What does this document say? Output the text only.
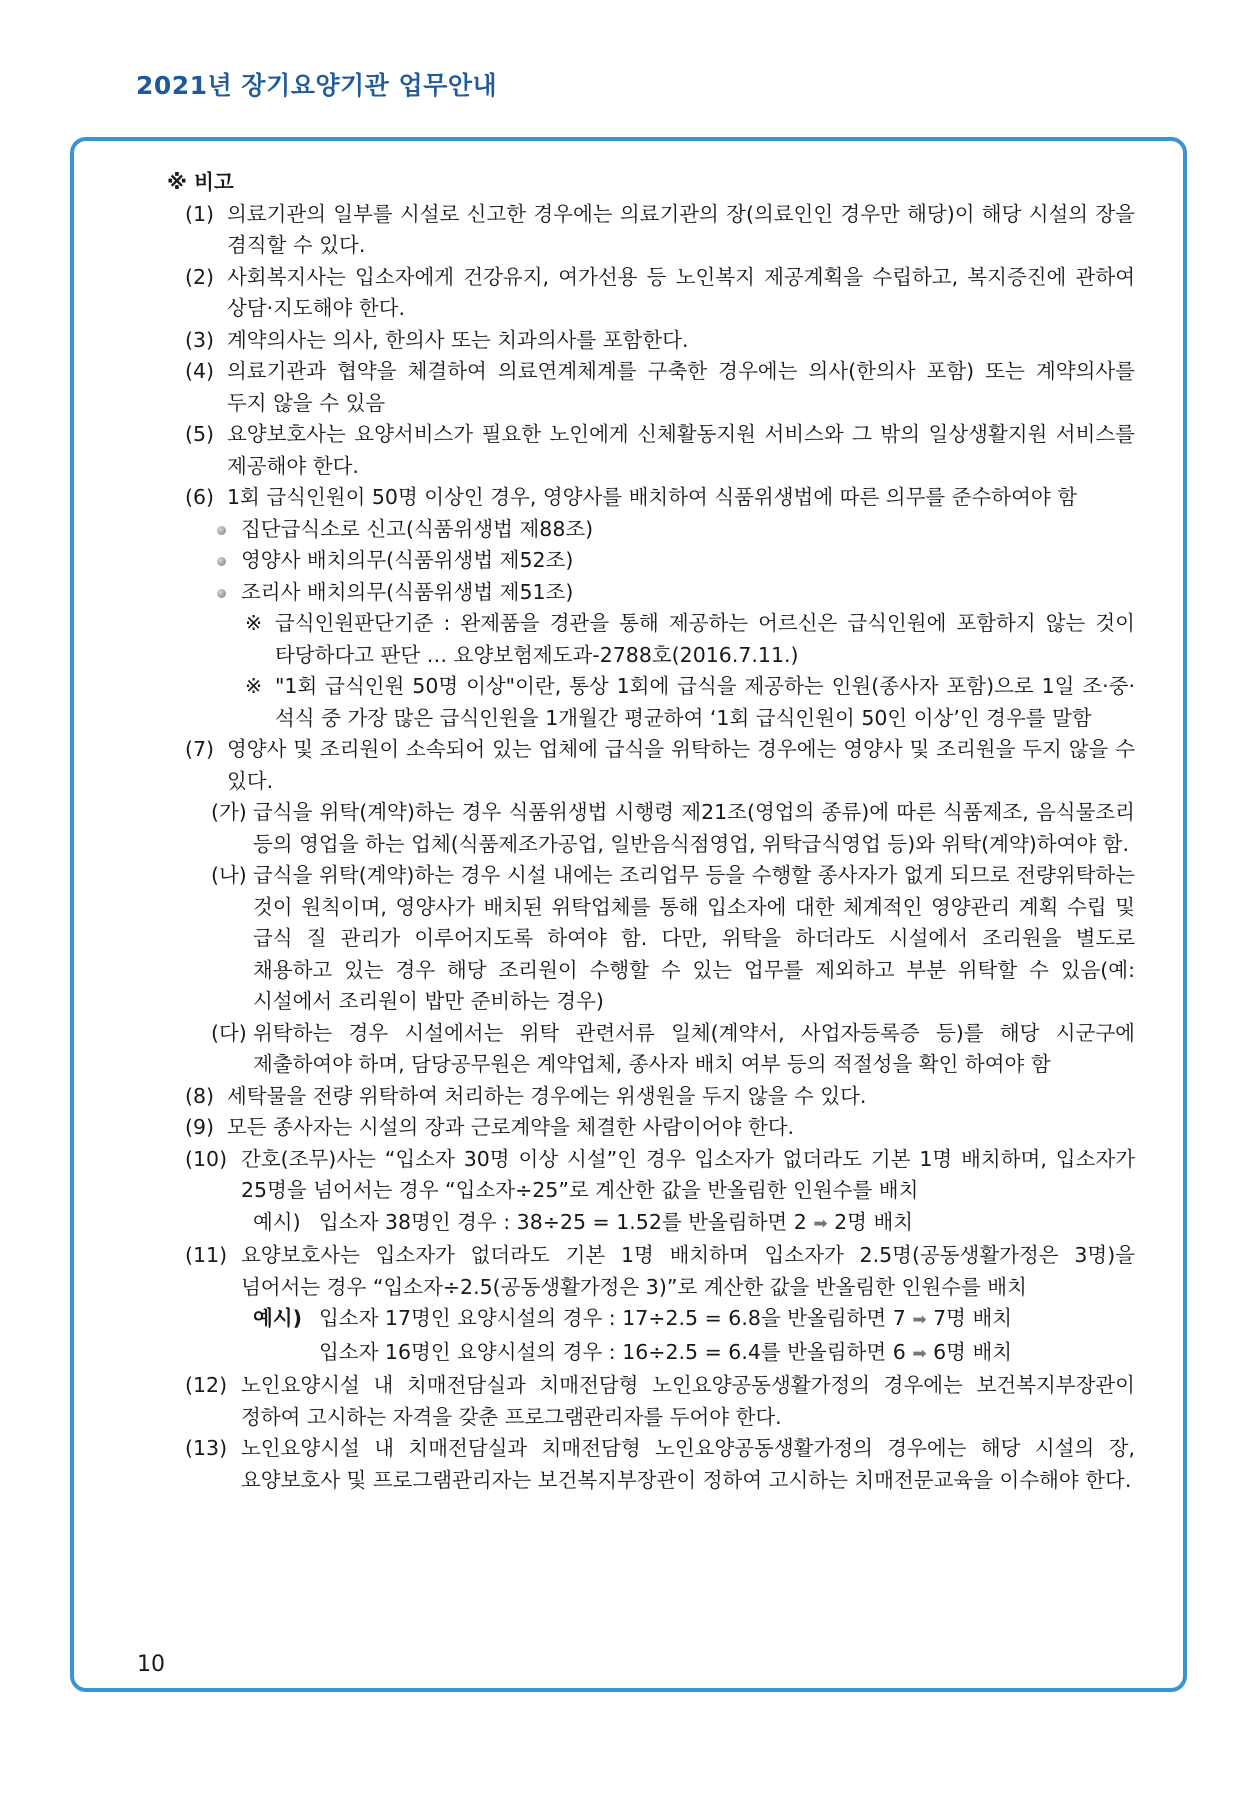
2021년 장기요양기관 업무안내
※ 비고
(1) 의료기관의 일부를 시설로 신고한 경우에는 의료기관의 장(의료인인 경우만 해당)이 해당 시설의 장을 겸직할 수 있다.
(2) 사회복지사는 입소자에게 건강유지, 여가선용 등 노인복지 제공계획을 수립하고, 복지증진에 관하여 상담·지도해야 한다.
(3) 계약의사는 의사, 한의사 또는 치과의사를 포함한다.
(4) 의료기관과 협약을 체결하여 의료연계체계를 구축한 경우에는 의사(한의사 포함) 또는 계약의사를 두지 않을 수 있음
(5) 요양보호사는 요양서비스가 필요한 노인에게 신체활동지원 서비스와 그 밖의 일상생활지원 서비스를 제공해야 한다.
(6) 1회 급식인원이 50명 이상인 경우, 영양사를 배치하여 식품위생법에 따른 의무를 준수하여야 함
집단급식소로 신고(식품위생법 제88조)
영양사 배치의무(식품위생법 제52조)
조리사 배치의무(식품위생법 제51조)
※ 급식인원판단기준 : 완제품을 경관을 통해 제공하는 어르신은 급식인원에 포함하지 않는 것이 타당하다고 판단 … 요양보험제도과-2788호(2016.7.11.)
※ "1회 급식인원 50명 이상"이란, 통상 1회에 급식을 제공하는 인원(종사자 포함)으로 1일 조·중·석식 중 가장 많은 급식인원을 1개월간 평균하여 ‘1회 급식인원이 50인 이상’인 경우를 말함
(7) 영양사 및 조리원이 소속되어 있는 업체에 급식을 위탁하는 경우에는 영양사 및 조리원을 두지 않을 수 있다.
(가) 급식을 위탁(계약)하는 경우 식품위생법 시행령 제21조(영업의 종류)에 따른 식품제조, 음식물조리 등의 영업을 하는 업체(식품제조가공업, 일반음식점영업, 위탁급식영업 등)와 위탁(계약)하여야 함.
(나) 급식을 위탁(계약)하는 경우 시설 내에는 조리업무 등을 수행할 종사자가 없게 되므로 전량위탁하는 것이 원칙이며, 영양사가 배치된 위탁업체를 통해 입소자에 대한 체계적인 영양관리 계획 수립 및 급식 질 관리가 이루어지도록 하여야 함. 다만, 위탁을 하더라도 시설에서 조리원을 별도로 채용하고 있는 경우 해당 조리원이 수행할 수 있는 업무를 제외하고 부분 위탁할 수 있음(예: 시설에서 조리원이 밥만 준비하는 경우)
(다) 위탁하는 경우 시설에서는 위탁 관련서류 일체(계약서, 사업자등록증 등)를 해당 시군구에 제출하여야 하며, 담당공무원은 계약업체, 종사자 배치 여부 등의 적절성을 확인 하여야 함
(8) 세탁물을 전량 위탁하여 처리하는 경우에는 위생원을 두지 않을 수 있다.
(9) 모든 종사자는 시설의 장과 근로계약을 체결한 사람이어야 한다.
(10) 간호(조무)사는 “입소자 30명 이상 시설”인 경우 입소자가 없더라도 기본 1명 배치하며, 입소자가 25명을 넘어서는 경우 “입소자÷25”로 계산한 값을 반올림한 인원수를 배치
예시) 입소자 38명인 경우 : 38÷25 = 1.52를 반올림하면 2 ➡ 2명 배치
(11) 요양보호사는 입소자가 없더라도 기본 1명 배치하며 입소자가 2.5명(공동생활가정은 3명)을 넘어서는 경우 “입소자÷2.5(공동생활가정은 3)”로 계산한 값을 반올림한 인원수를 배치
예시) 입소자 17명인 요양시설의 경우 : 17÷2.5 = 6.8을 반올림하면 7 ➡ 7명 배치
입소자 16명인 요양시설의 경우 : 16÷2.5 = 6.4를 반올림하면 6 ➡ 6명 배치
(12) 노인요양시설 내 치매전담실과 치매전담형 노인요양공동생활가정의 경우에는 보건복지부장관이 정하여 고시하는 자격을 갖춘 프로그램관리자를 두어야 한다.
(13) 노인요양시설 내 치매전담실과 치매전담형 노인요양공동생활가정의 경우에는 해당 시설의 장, 요양보호사 및 프로그램관리자는 보건복지부장관이 정하여 고시하는 치매전문교육을 이수해야 한다.
10
